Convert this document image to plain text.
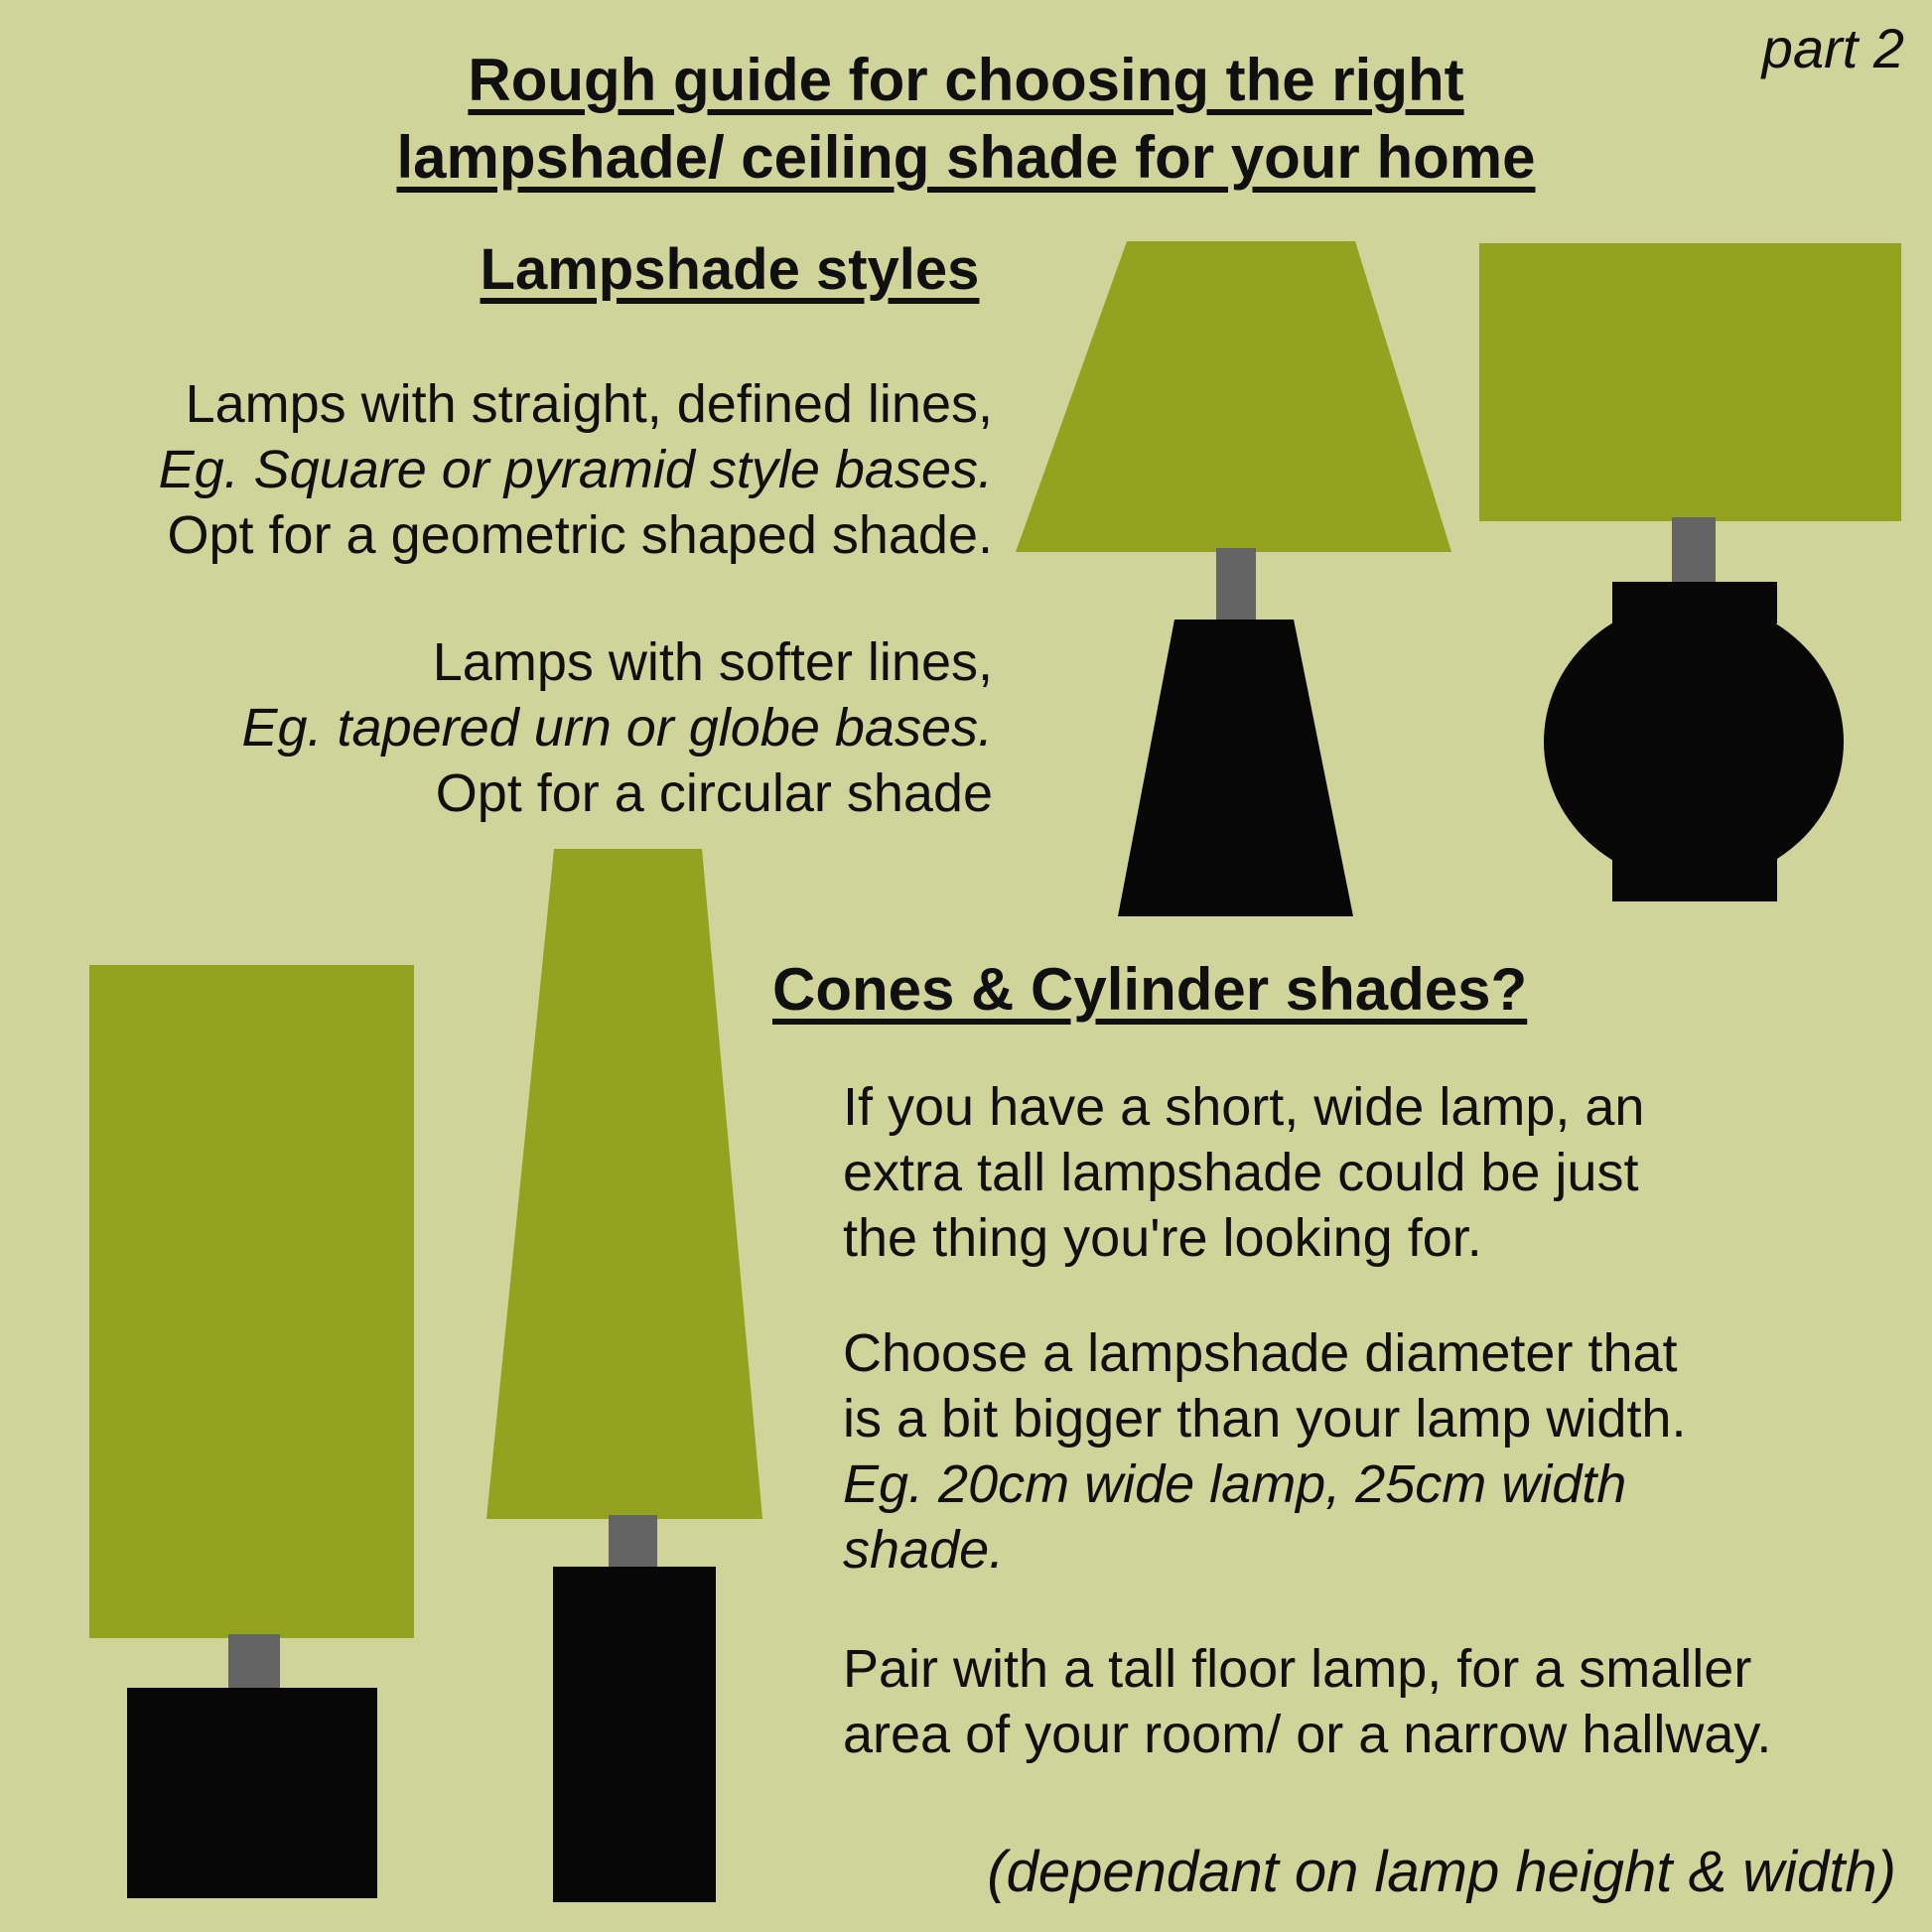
part 2
Rough guide for choosing the right
lampshade/ ceiling shade for your home
Lampshade styles
Lamps with straight, defined lines,
Eg. Square or pyramid style bases.
Opt for a geometric shaped shade.
Lamps with softer lines,
Eg. tapered urn or globe bases.
Opt for a circular shade
Cones & Cylinder shades?
If you have a short, wide lamp, an
extra tall lampshade could be just
the thing you're looking for.
Choose a lampshade diameter that
is a bit bigger than your lamp width.
Eg. 20cm wide lamp, 25cm width
shade.
Pair with a tall floor lamp, for a smaller
area of your room/ or a narrow hallway.
(dependant on lamp height & width)
